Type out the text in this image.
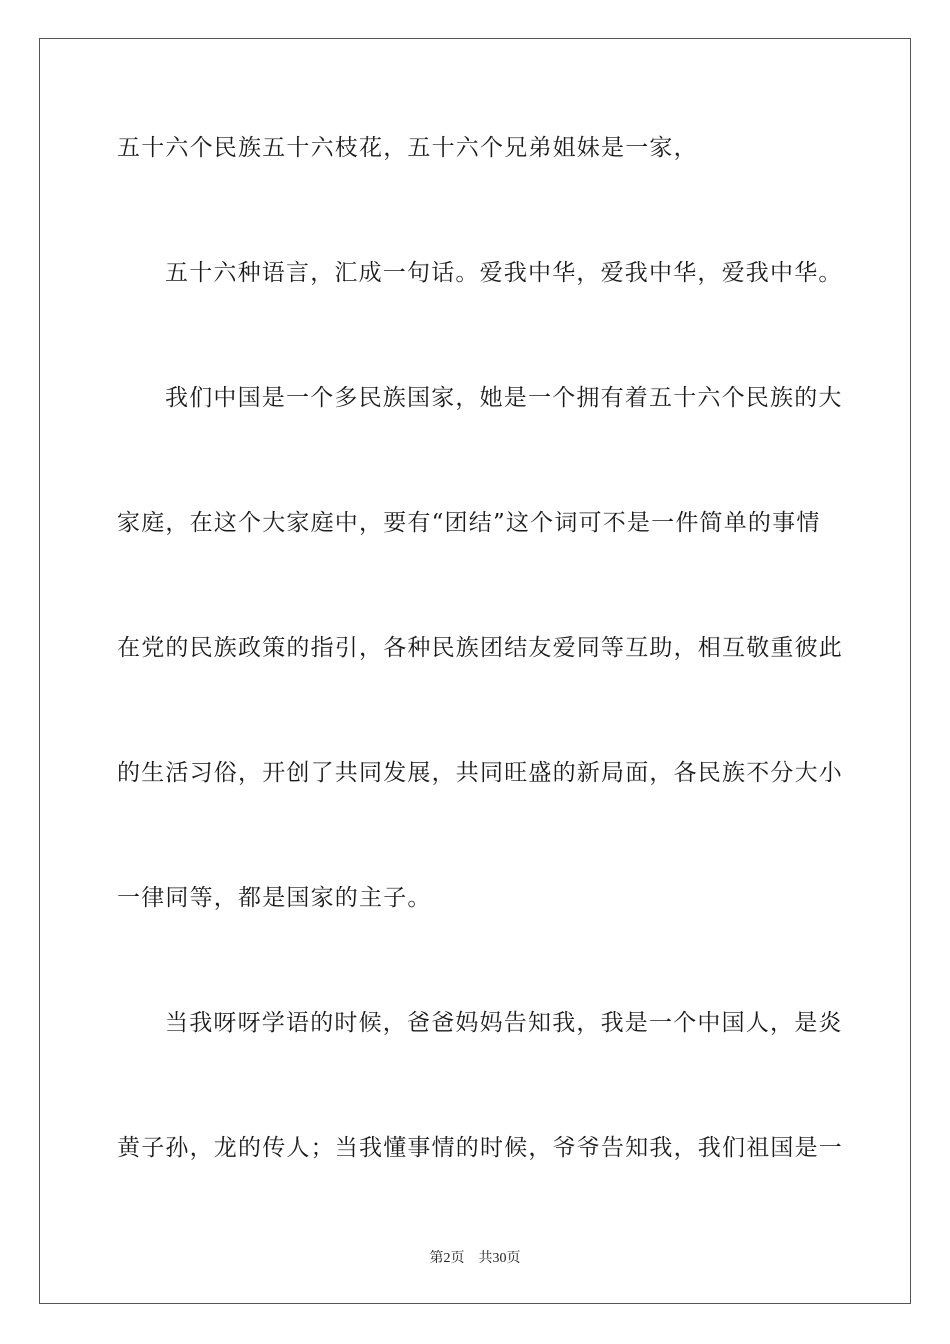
五十六个民族五十六枝花，五十六个兄弟姐妹是一家，
五十六种语言，汇成一句话。爱我中华，爱我中华，爱我中华。
我们中国是一个多民族国家，她是一个拥有着五十六个民族的大
家庭，在这个大家庭中，要有“团结”这个词可不是一件简单的事情
在党的民族政策的指引，各种民族团结友爱同等互助，相互敬重彼此
的生活习俗，开创了共同发展，共同旺盛的新局面，各民族不分大小
一律同等，都是国家的主子。
当我呀呀学语的时候，爸爸妈妈告知我，我是一个中国人，是炎
黄子孙，龙的传人；当我懂事情的时候，爷爷告知我，我们祖国是一
第2页　共30页
